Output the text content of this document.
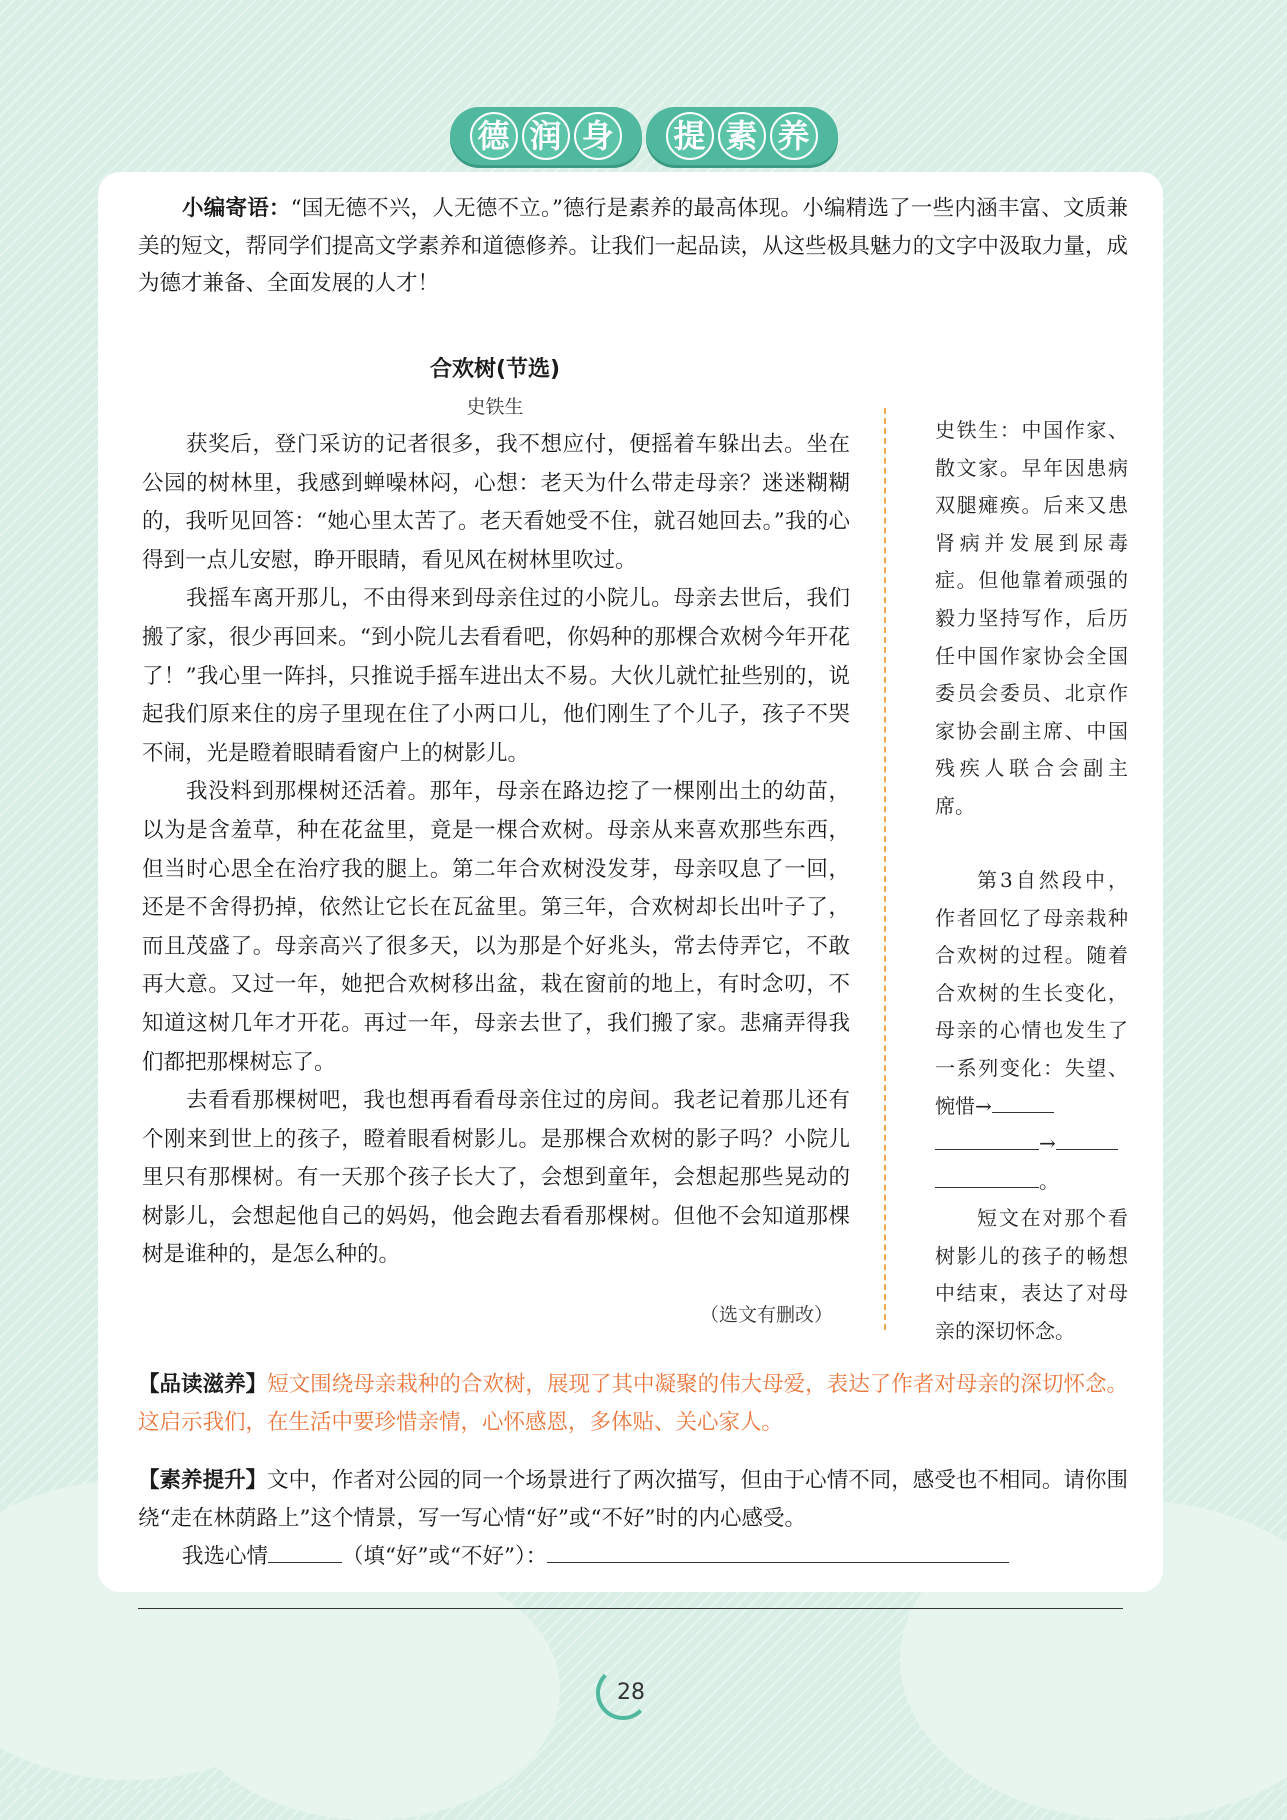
德 润 身 提 素 养
小编寄语：“国无德不兴，人无德不立。”德行是素养的最高体现。小编精选了一些内涵丰富、文质兼美的短文，帮同学们提高文学素养和道德修养。让我们一起品读，从这些极具魅力的文字中汲取力量，成为德才兼备、全面发展的人才！
合欢树(节选)
史铁生

获奖后，登门采访的记者很多，我不想应付，便摇着车躲出去。坐在公园的树林里，我感到蝉噪林闷，心想：老天为什么带走母亲？迷迷糊糊的，我听见回答：“她心里太苦了。老天看她受不住，就召她回去。”我的心得到一点儿安慰，睁开眼睛，看见风在树林里吹过。

我摇车离开那儿，不由得来到母亲住过的小院儿。母亲去世后，我们搬了家，很少再回来。“到小院儿去看看吧，你妈种的那棵合欢树今年开花了！”我心里一阵抖，只推说手摇车进出太不易。大伙儿就忙扯些别的，说起我们原来住的房子里现在住了小两口儿，他们刚生了个儿子，孩子不哭不闹，光是瞪着眼睛看窗户上的树影儿。

我没料到那棵树还活着。那年，母亲在路边挖了一棵刚出土的幼苗，以为是含羞草，种在花盆里，竟是一棵合欢树。母亲从来喜欢那些东西，但当时心思全在治疗我的腿上。第二年合欢树没发芽，母亲叹息了一回，还是不舍得扔掉，依然让它长在瓦盆里。第三年，合欢树却长出叶子了，而且茂盛了。母亲高兴了很多天，以为那是个好兆头，常去侍弄它，不敢再大意。又过一年，她把合欢树移出盆，栽在窗前的地上，有时念叨，不知道这树几年才开花。再过一年，母亲去世了，我们搬了家。悲痛弄得我们都把那棵树忘了。

去看看那棵树吧，我也想再看看母亲住过的房间。我老记着那儿还有个刚来到世上的孩子，瞪着眼看树影儿。是那棵合欢树的影子吗？小院儿里只有那棵树。有一天那个孩子长大了，会想到童年，会想起那些晃动的树影儿，会想起他自己的妈妈，他会跑去看看那棵树。但他不会知道那棵树是谁种的，是怎么种的。

（选文有删改）

史铁生：中国作家、散文家。早年因患病双腿瘫痪。后来又患肾病并发展到尿毒症。但他靠着顽强的毅力坚持写作，后历任中国作家协会全国委员会委员、北京作家协会副主席、中国残疾人联合会副主席。

第3自然段中，作者回忆了母亲栽种合欢树的过程。随着合欢树的生长变化，母亲的心情也发生了一系列变化：失望、惋惜→
→
。

短文在对那个看树影儿的孩子的畅想中结束，表达了对母亲的深切怀念。

【品读滋养】短文围绕母亲栽种的合欢树，展现了其中凝聚的伟大母爱，表达了作者对母亲的深切怀念。这启示我们，在生活中要珍惜亲情，心怀感恩，多体贴、关心家人。

【素养提升】文中，作者对公园的同一个场景进行了两次描写，但由于心情不同，感受也不相同。请你围绕“走在林荫路上”这个情景，写一写心情“好”或“不好”时的内心感受。

我选心情	（填“好”或“不好”）：

28
